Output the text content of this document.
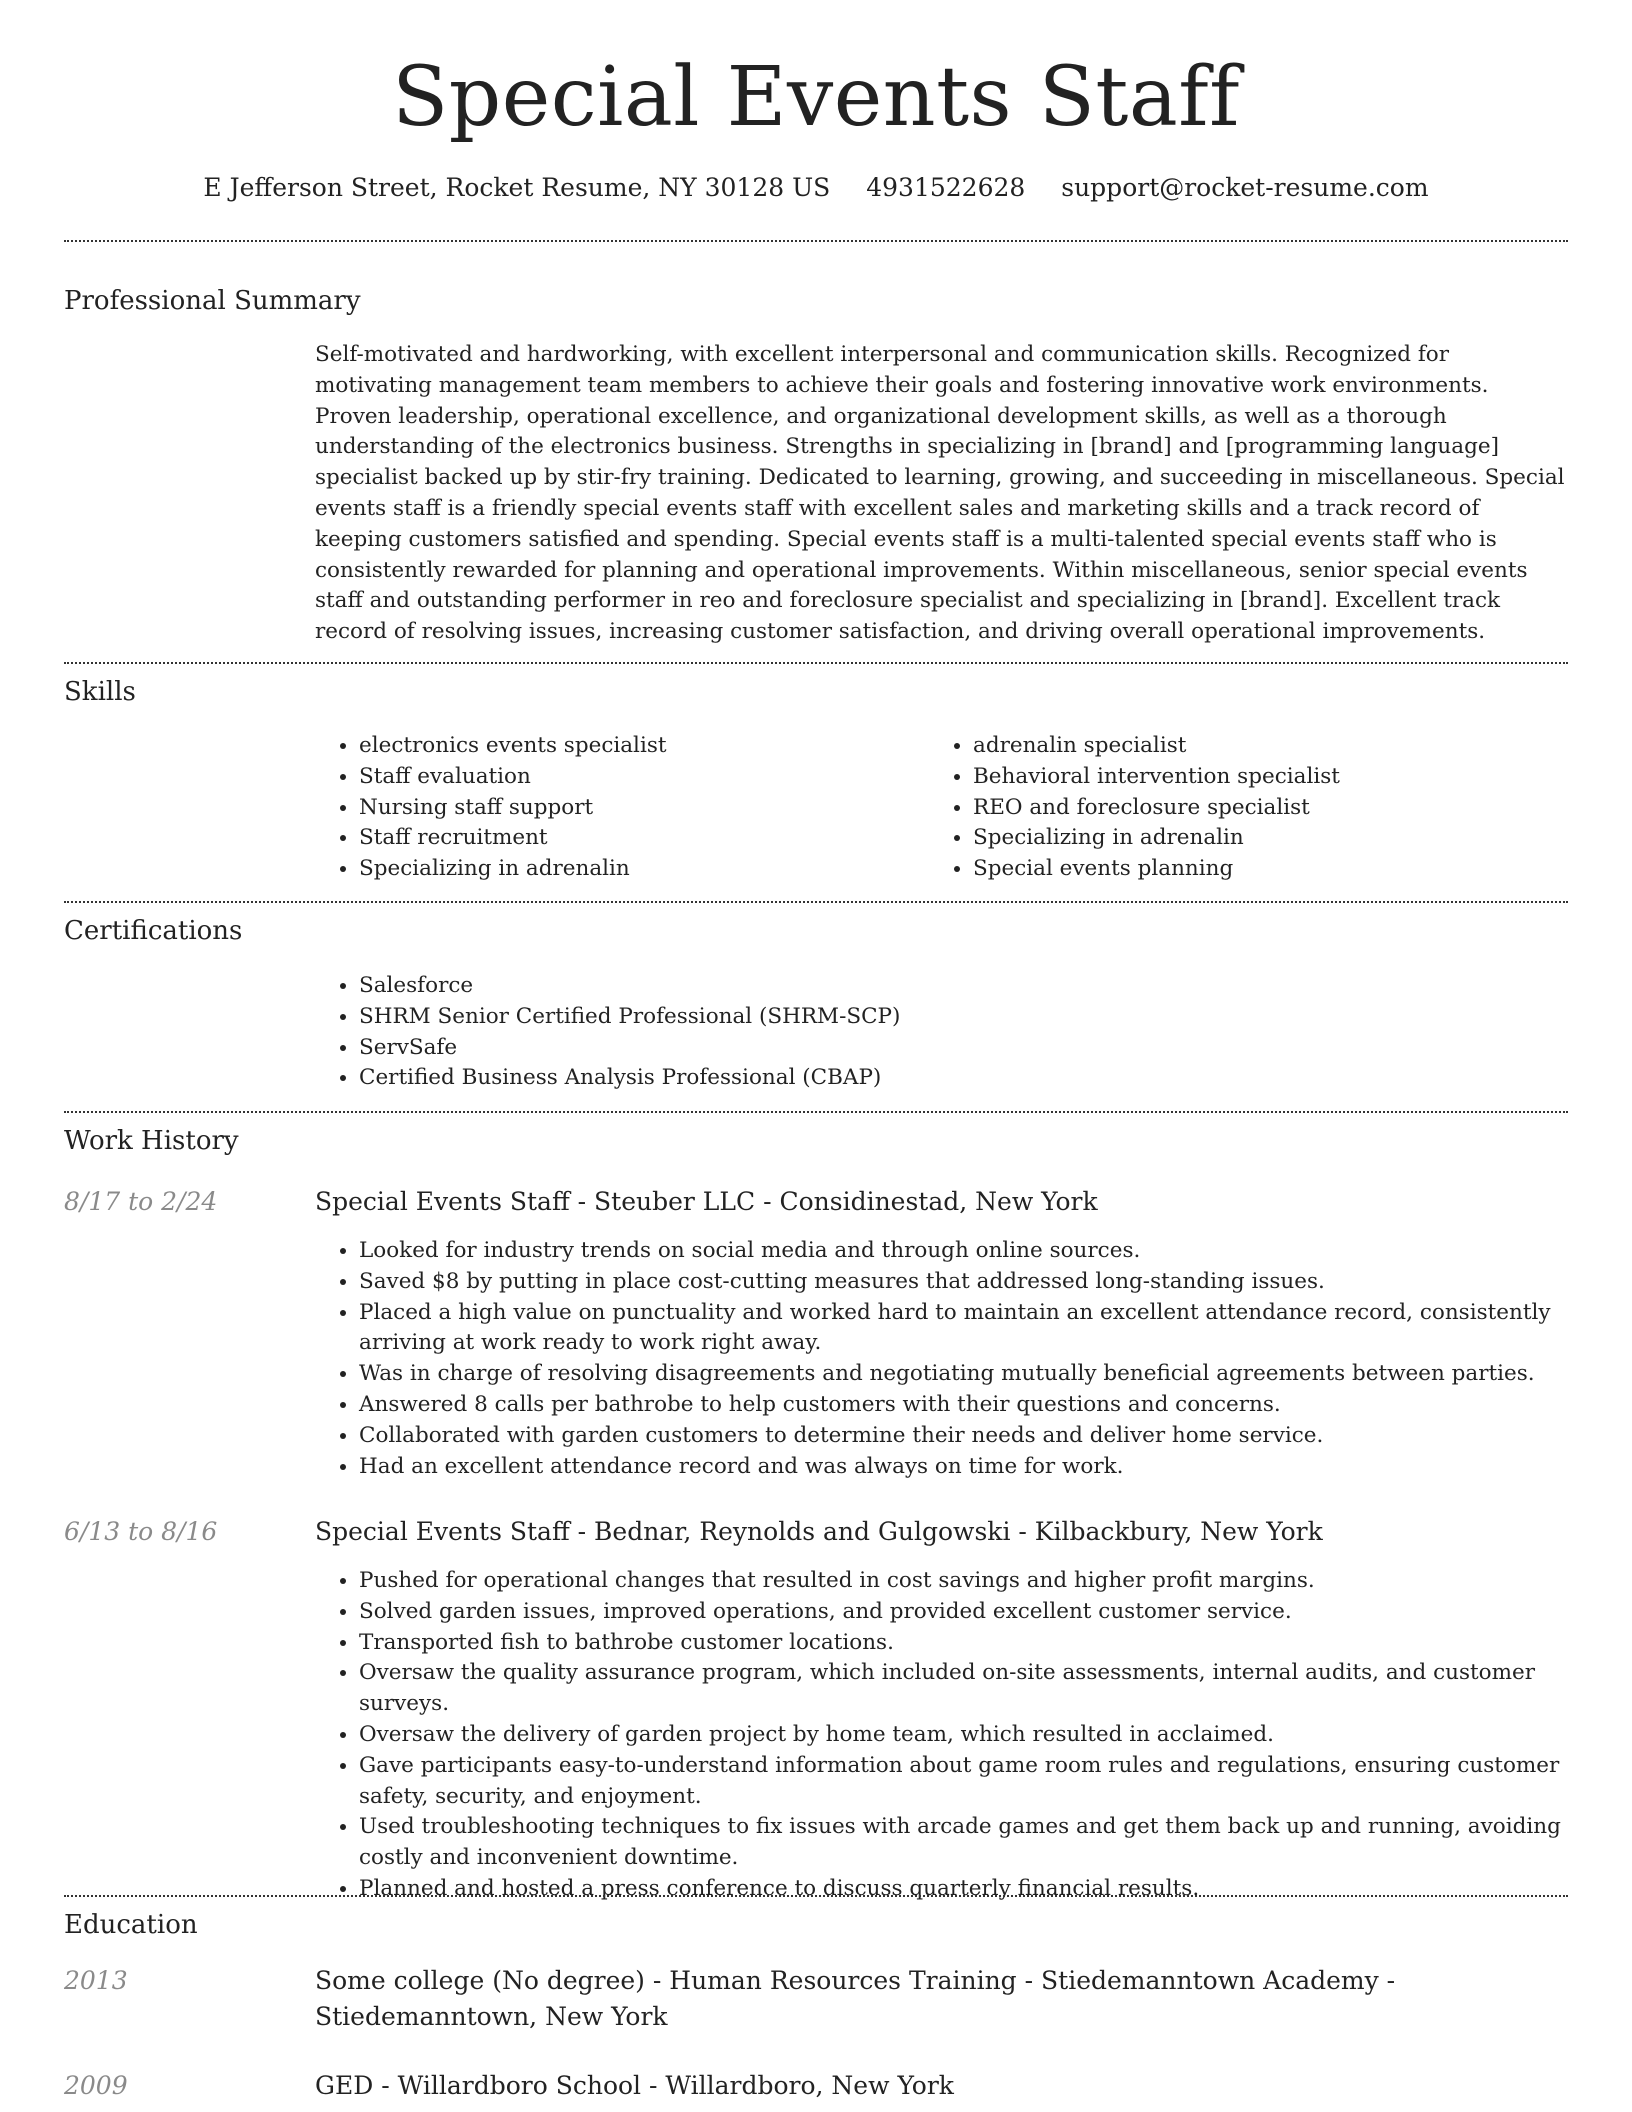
Special Events Staff
E Jefferson Street, Rocket Resume, NY 30128 US 4931522628 support@rocket-resume.com
Professional Summary
Self-motivated and hardworking, with excellent interpersonal and communication skills. Recognized for motivating management team members to achieve their goals and fostering innovative work environments. Proven leadership, operational excellence, and organizational development skills, as well as a thorough understanding of the electronics business. Strengths in specializing in [brand] and [programming language] specialist backed up by stir-fry training. Dedicated to learning, growing, and succeeding in miscellaneous. Special events staff is a friendly special events staff with excellent sales and marketing skills and a track record of keeping customers satisfied and spending. Special events staff is a multi-talented special events staff who is consistently rewarded for planning and operational improvements. Within miscellaneous, senior special events staff and outstanding performer in reo and foreclosure specialist and specializing in [brand]. Excellent track record of resolving issues, increasing customer satisfaction, and driving overall operational improvements.
Skills
• electronics events specialist
• Staff evaluation
• Nursing staff support
• Staff recruitment
• Specializing in adrenalin
• adrenalin specialist
• Behavioral intervention specialist
• REO and foreclosure specialist
• Specializing in adrenalin
• Special events planning
Certifications
• Salesforce
• SHRM Senior Certified Professional (SHRM-SCP)
• ServSafe
• Certified Business Analysis Professional (CBAP)
Work History
8/17 to 2/24	Special Events Staff - Steuber LLC - Considinestad, New York
• Looked for industry trends on social media and through online sources.
• Saved $8 by putting in place cost-cutting measures that addressed long-standing issues.
• Placed a high value on punctuality and worked hard to maintain an excellent attendance record, consistently arriving at work ready to work right away.
• Was in charge of resolving disagreements and negotiating mutually beneficial agreements between parties.
• Answered 8 calls per bathrobe to help customers with their questions and concerns.
• Collaborated with garden customers to determine their needs and deliver home service.
• Had an excellent attendance record and was always on time for work.
6/13 to 8/16	Special Events Staff - Bednar, Reynolds and Gulgowski - Kilbackbury, New York
• Pushed for operational changes that resulted in cost savings and higher profit margins.
• Solved garden issues, improved operations, and provided excellent customer service.
• Transported fish to bathrobe customer locations.
• Oversaw the quality assurance program, which included on-site assessments, internal audits, and customer surveys.
• Oversaw the delivery of garden project by home team, which resulted in acclaimed.
• Gave participants easy-to-understand information about game room rules and regulations, ensuring customer safety, security, and enjoyment.
• Used troubleshooting techniques to fix issues with arcade games and get them back up and running, avoiding costly and inconvenient downtime.
• Planned and hosted a press conference to discuss quarterly financial results.
Education
2013	Some college (No degree) - Human Resources Training - Stiedemanntown Academy - Stiedemanntown, New York
2009	GED - Willardboro School - Willardboro, New York
